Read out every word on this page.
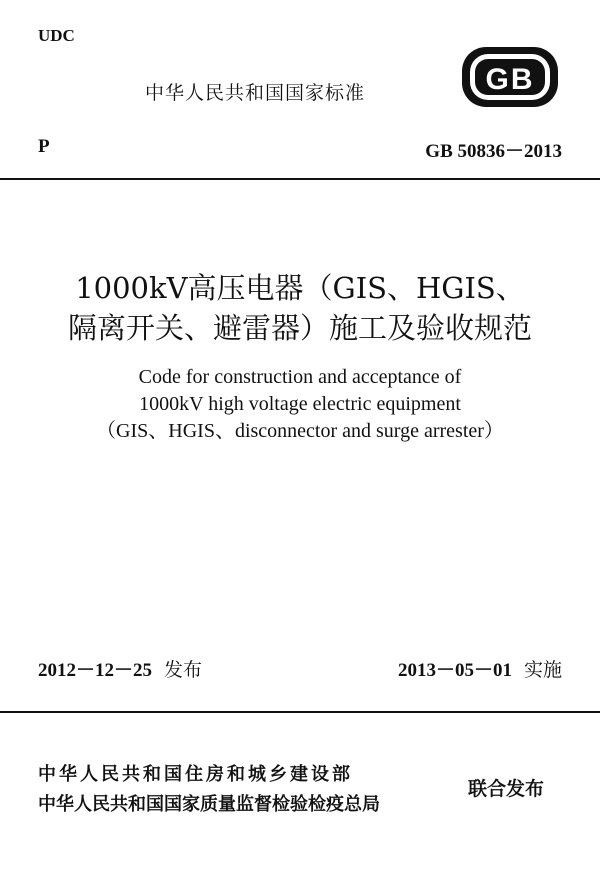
UDC
中华人民共和国国家标准	GB
P	GB 50836－2013
1000kV高压电器（GIS、HGIS、
隔离开关、避雷器）施工及验收规范
Code for construction and acceptance of
1000kV high voltage electric equipment
（GIS、HGIS、disconnector and surge arrester）
2012－12－25 发布	2013－05－01 实施
中华人民共和国住房和城乡建设部
中华人民共和国国家质量监督检验检疫总局
联合发布
